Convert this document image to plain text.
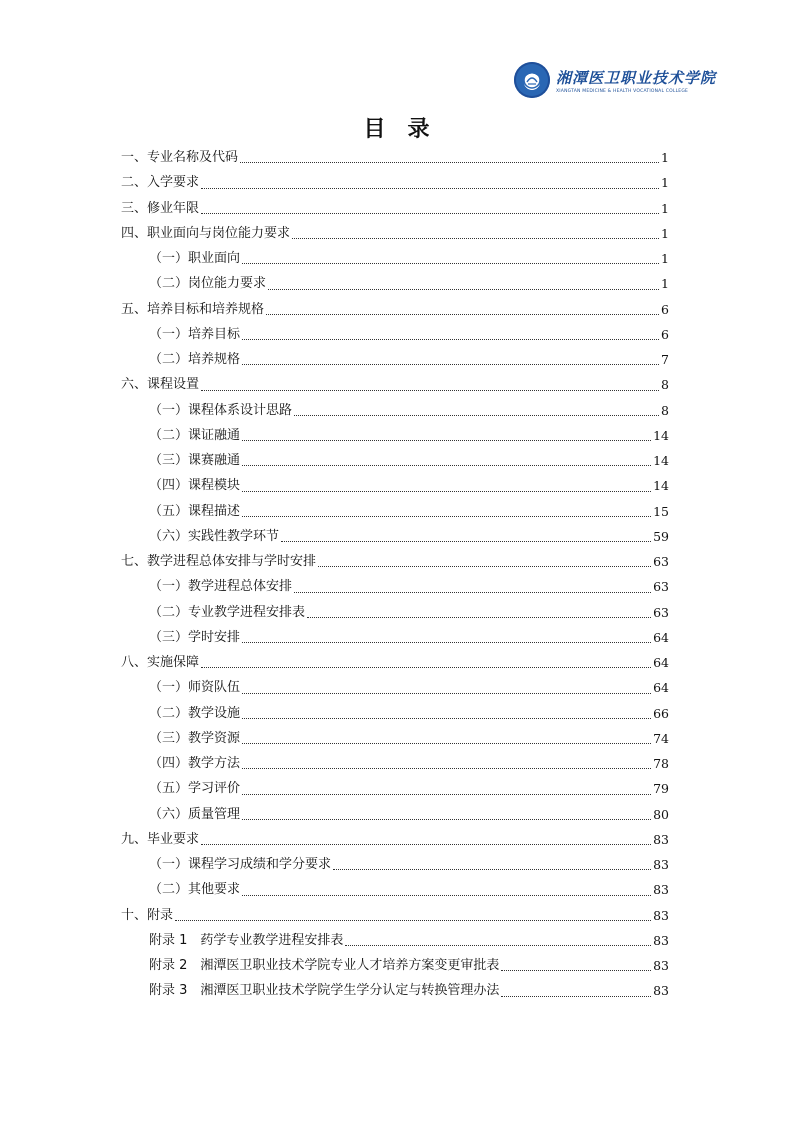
湘潭医卫职业技术学院
XIANGTAN MEDICINE & HEALTH VOCATIONAL COLLEGE
目录
一、专业名称及代码	1
二、入学要求	1
三、修业年限	1
四、职业面向与岗位能力要求	1
（一）职业面向	1
（二）岗位能力要求	1
五、培养目标和培养规格	6
（一）培养目标	6
（二）培养规格	7
六、课程设置	8
（一）课程体系设计思路	8
（二）课证融通	14
（三）课赛融通	14
（四）课程模块	14
（五）课程描述	15
（六）实践性教学环节	59
七、教学进程总体安排与学时安排	63
（一）教学进程总体安排	63
（二）专业教学进程安排表	63
（三）学时安排	64
八、实施保障	64
（一）师资队伍	64
（二）教学设施	66
（三）教学资源	74
（四）教学方法	78
（五）学习评价	79
（六）质量管理	80
九、毕业要求	83
（一）课程学习成绩和学分要求	83
（二）其他要求	83
十、附录	83
附录 1　药学专业教学进程安排表	83
附录 2　湘潭医卫职业技术学院专业人才培养方案变更审批表	83
附录 3　湘潭医卫职业技术学院学生学分认定与转换管理办法	83
